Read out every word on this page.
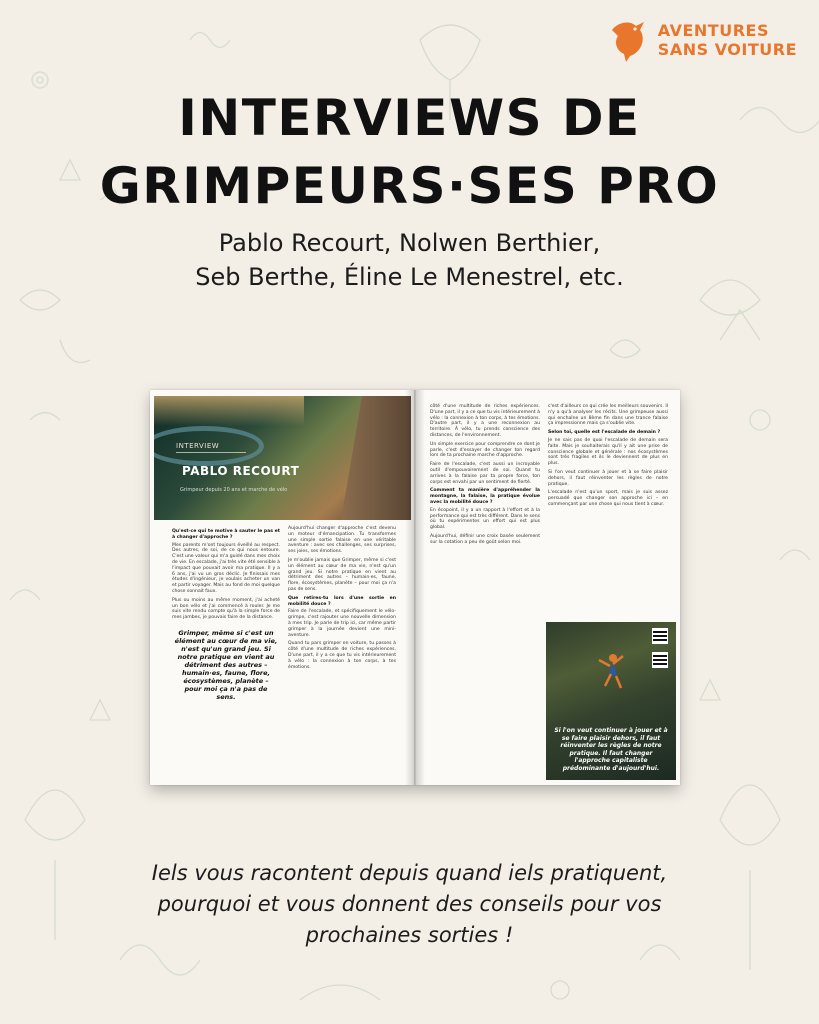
AVENTURES
SANS VOITURE
INTERVIEWS DE
GRIMPEURS·SES PRO
Pablo Recourt, Nolwen Berthier,
Seb Berthe, Éline Le Menestrel, etc.
INTERVIEW
PABLO RECOURT
Grimpeur depuis 20 ans et marche de vélo
Qu'est-ce qui te motive à sauter le pas et à changer d'approche ?

Mes parents m'ont toujours éveillé au respect. Des autres, de soi, de ce qui nous entoure. C'est une valeur qui m'a guidé dans mes choix de vie. En escalade, j'ai très vite été sensible à l'impact que pouvait avoir ma pratique. Il y a 6 ans, j'ai vu un gros déclic. Je finissais mes études d'ingénieur, je voulais acheter un van et partir voyager. Mais au fond de moi quelque chose sonnait faux.

Plus ou moins au même moment, j'ai acheté un bon vélo et j'ai commencé à rouler. Je me suis vite rendu compte qu'à la simple force de mes jambes, je pouvais faire de la distance.

Grimper, même si c'est un élément au cœur de ma vie, n'est qu'un grand jeu. Si notre pratique en vient au détriment des autres – humain·es, faune, flore, écosystèmes, planète – pour moi ça n'a pas de sens.

Aujourd'hui changer d'approche c'est devenu un moteur d'émancipation. Tu transformes une simple sortie falaise en une véritable aventure : avec ses challenges, ses surprises, ses joies, ses émotions.

Je m'oublie jamais que Grimper, même si c'est un élément au cœur de ma vie, n'est qu'un grand jeu. Si notre pratique en vient au détriment des autres – humain·es, faune, flore, écosystèmes, planète – pour moi ça n'a pas de sens.

Que retires-tu lors d'une sortie en mobilité douce ?

Faire de l'escalade, et spécifiquement le vélo-grimpe, c'est rajouter une nouvelle dimension à mes trip. Je parle de trip ici, car même partir grimper à la journée devient une mini-aventure.

Quand tu pars grimper en voiture, tu passes à côté d'une multitude de riches expériences. D'une part, il y a ce que tu vis intérieurement à vélo : la connexion à ton corps, à tes émotions.

côté d'une multitude de riches expériences. D'une part, il y a ce que tu vis intérieurement à vélo : la connexion à ton corps, à tes émotions. D'autre part, il y a une reconnexion au territoire. À vélo, tu prends conscience des distances, de l'environnement.

Un simple exercice pour comprendre ce dont je parle, c'est d'essayer de changer ton regard lors de ta prochaine marche d'approche.

Faire de l'escalade, c'est aussi un incroyable outil d'empouvoirement de soi. Quand tu arrives à la falaise par ta propre force, ton corps est envahi par un sentiment de fierté.

Comment ta manière d'appréhender la montagne, la falaise, la pratique évolue avec la mobilité douce ?

En écopoint, il y a un rapport à l'effort et à la performance qui est très différent. Dans le sens où tu expérimentes un effort qui est plus global.

Aujourd'hui, définir une croix basée seulement sur la cotation a peu de goût selon moi.

c'est d'ailleurs ce qui crée les meilleurs souvenirs. Il n'y a qu'à analyser les récits. Une grimpeuse aussi qui enchaîne un 8ème fin dans une trance falaise ça impressionne mais ça s'oublie vite.

Selon toi, quelle est l'escalade de demain ?

Je ne sais pas de quoi l'escalade de demain sera faite. Mais je souhaiterais qu'il y ait une prise de conscience globale et générale : nos écosystèmes sont très fragiles et ils le deviennent de plus en plus.

Si l'on veut continuer à jouer et à se faire plaisir dehors, il faut réinventer les règles de notre pratique.

L'escalade n'est qu'un sport, mais je suis assez persuadé que changer son approche ici – en commençant par une chose qui nous tient à cœur.

Si l'on veut continuer à jouer et à se faire plaisir dehors, il faut réinventer les règles de notre pratique. Il faut changer l'approche capitaliste prédominante d'aujourd'hui.
Iels vous racontent depuis quand iels pratiquent,
pourquoi et vous donnent des conseils pour vos
prochaines sorties !
